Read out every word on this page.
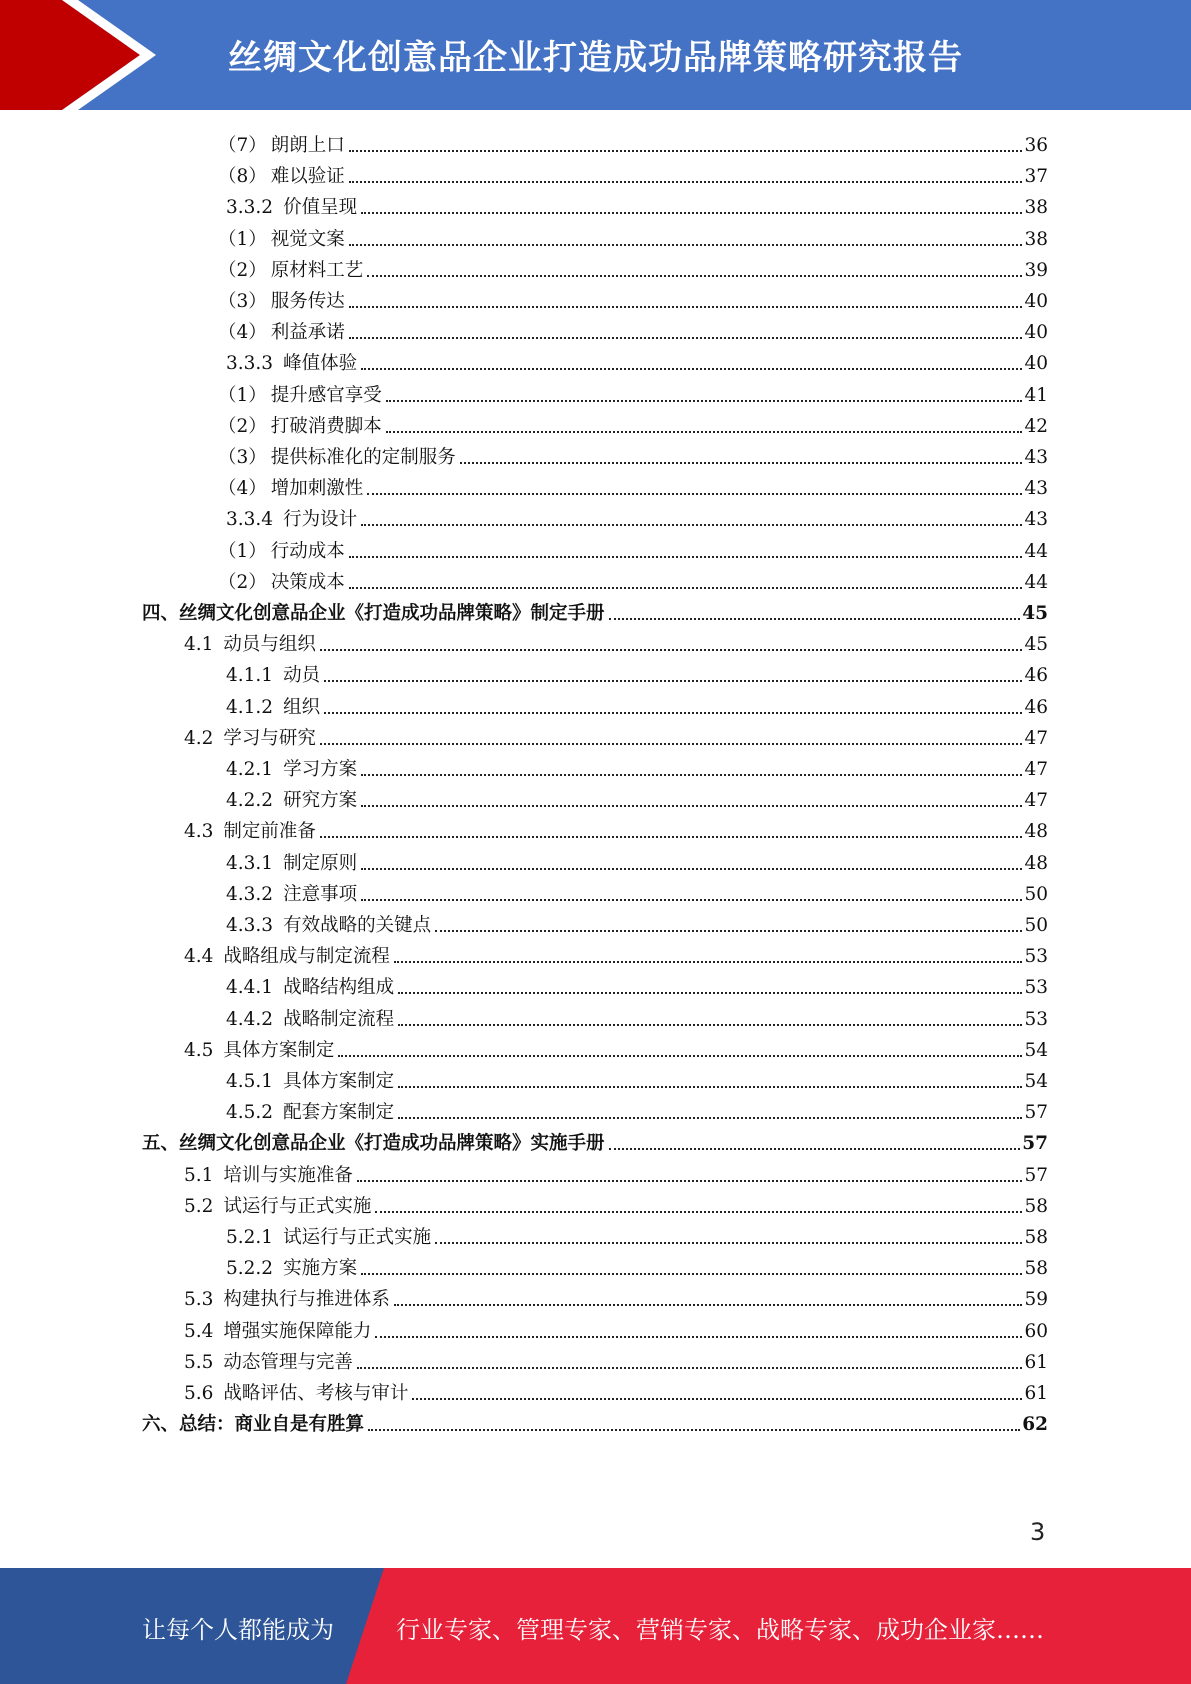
丝绸文化创意品企业打造成功品牌策略研究报告
（7） 朗朗上口	36
（8） 难以验证	37
3.3.2 价值呈现	38
（1） 视觉文案	38
（2） 原材料工艺	39
（3） 服务传达	40
（4） 利益承诺	40
3.3.3 峰值体验	40
（1） 提升感官享受	41
（2） 打破消费脚本	42
（3） 提供标准化的定制服务	43
（4） 增加刺激性	43
3.3.4 行为设计	43
（1） 行动成本	44
（2） 决策成本	44
四、 丝绸文化创意品企业《打造成功品牌策略》制定手册	45
4.1 动员与组织	45
4.1.1 动员	46
4.1.2 组织	46
4.2 学习与研究	47
4.2.1 学习方案	47
4.2.2 研究方案	47
4.3 制定前准备	48
4.3.1 制定原则	48
4.3.2 注意事项	50
4.3.3 有效战略的关键点	50
4.4 战略组成与制定流程	53
4.4.1 战略结构组成	53
4.4.2 战略制定流程	53
4.5 具体方案制定	54
4.5.1 具体方案制定	54
4.5.2 配套方案制定	57
五、 丝绸文化创意品企业《打造成功品牌策略》实施手册	57
5.1 培训与实施准备	57
5.2 试运行与正式实施	58
5.2.1 试运行与正式实施	58
5.2.2 实施方案	58
5.3 构建执行与推进体系	59
5.4 增强实施保障能力	60
5.5 动态管理与完善	61
5.6 战略评估、考核与审计	61
六、 总结：商业自是有胜算	62
3
让每个人都能成为	行业专家、管理专家、营销专家、战略专家、成功企业家……
